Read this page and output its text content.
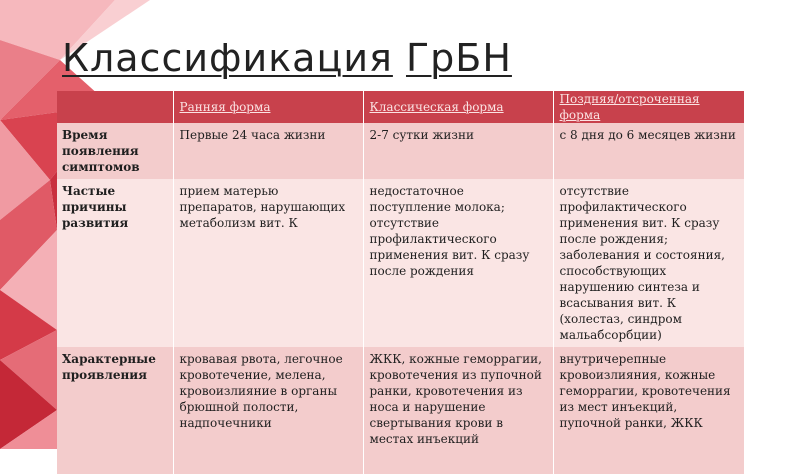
Классификация ГрБН
	Ранняя форма	Классическая форма	Поздняя/отсроченная форма
Время появления симптомов	Первые 24 часа жизни	2-7 сутки жизни	с 8 дня до 6 месяцев жизни
Частые причины развития	прием матерью препаратов, нарушающих метаболизм вит. К	недостаточное поступление молока; отсутствие профилактического применения вит. К сразу после рождения	отсутствие профилактического применения вит. К сразу после рождения; заболевания и состояния, способствующих нарушению синтеза и всасывания вит. К (холестаз, синдром мальабсорбции)
Характерные проявления	кровавая рвота, легочное кровотечение, мелена, кровоизлияние в органы брюшной полости, надпочечники	ЖКК, кожные геморрагии, кровотечения из пупочной ранки, кровотечения из носа и нарушение свертывания крови в местах инъекций	внутричерепные кровоизлияния, кожные геморрагии, кровотечения из мест инъекций, пупочной ранки, ЖКК
